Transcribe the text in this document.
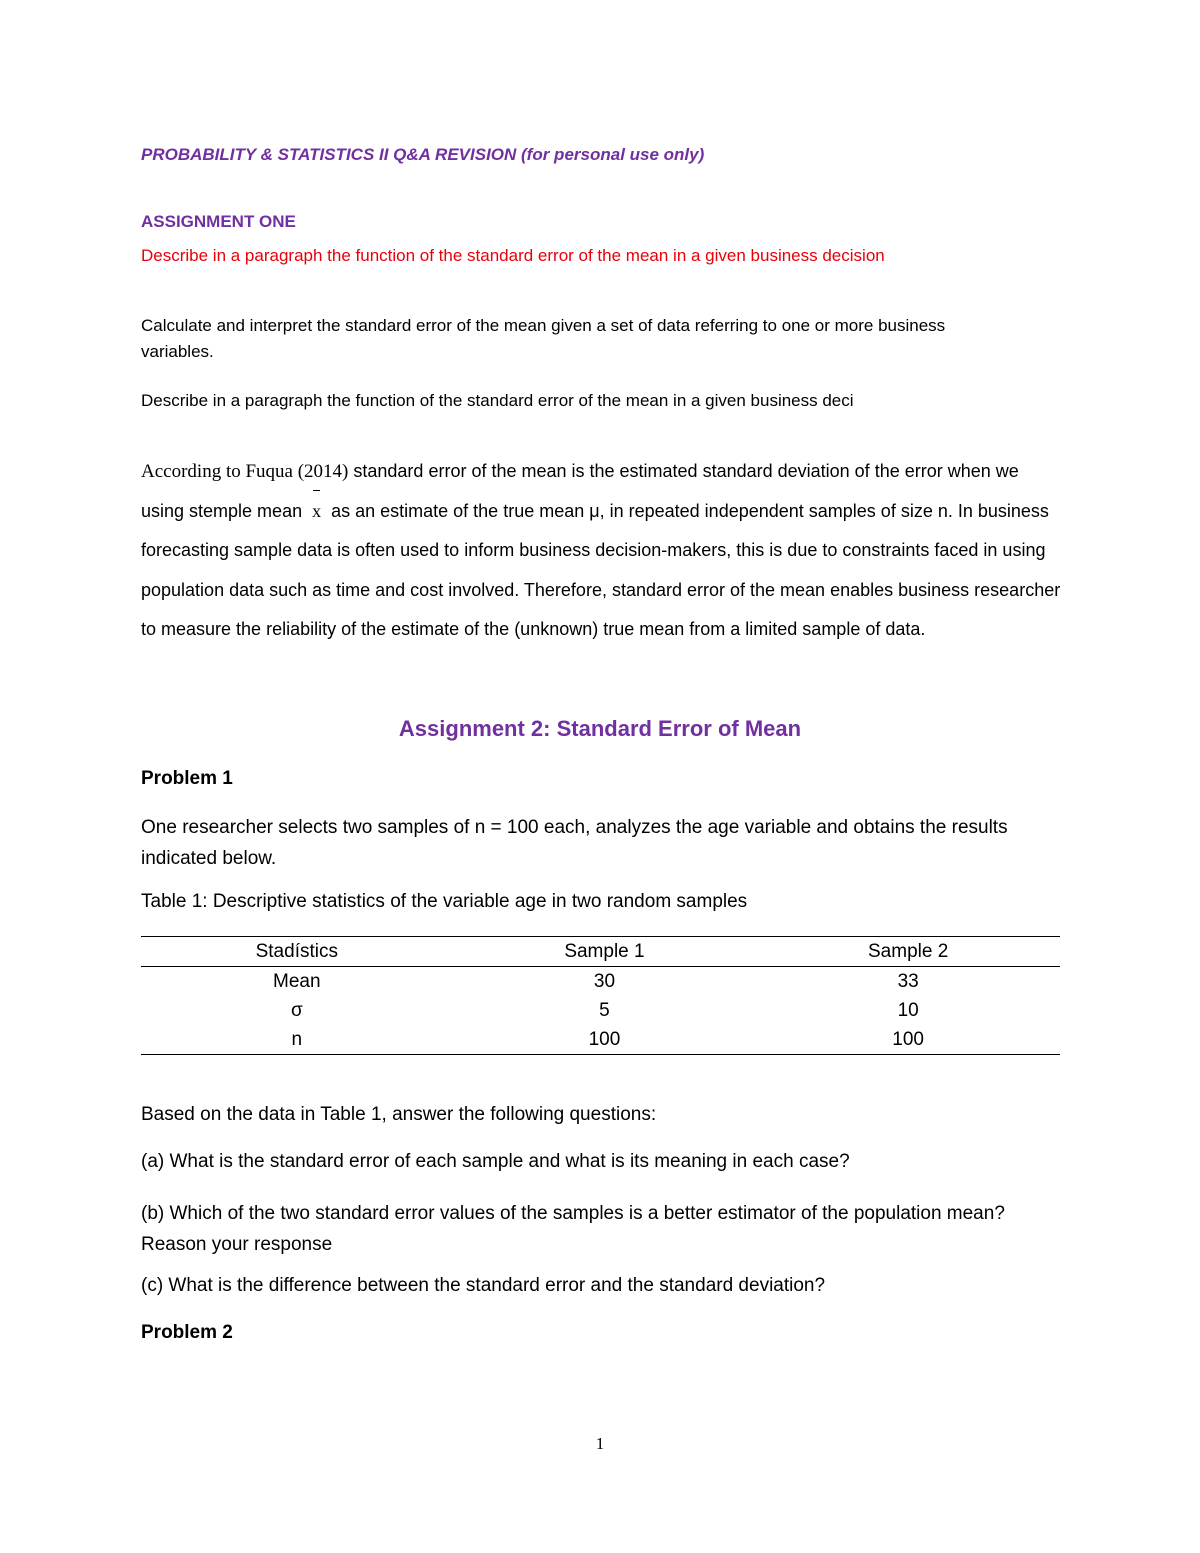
PROBABILITY & STATISTICS II Q&A REVISION (for personal use only)

ASSIGNMENT ONE

Describe in a paragraph the function of the standard error of the mean in a given business decision

Calculate and interpret the standard error of the mean given a set of data referring to one or more business variables.

Describe in a paragraph the function of the standard error of the mean in a given business deci

According to Fuqua (2014) standard error of the mean is the estimated standard deviation of the error when we using stemple mean x as an estimate of the true mean μ, in repeated independent samples of size n. In business forecasting sample data is often used to inform business decision-makers, this is due to constraints faced in using population data such as time and cost involved. Therefore, standard error of the mean enables business researcher to measure the reliability of the estimate of the (unknown) true mean from a limited sample of data.

Assignment 2: Standard Error of Mean

Problem 1

One researcher selects two samples of n = 100 each, analyzes the age variable and obtains the results indicated below.

Table 1: Descriptive statistics of the variable age in two random samples

Stadístics	Sample 1	Sample 2
Mean	30	33
σ	5	10
n	100	100

Based on the data in Table 1, answer the following questions:

(a) What is the standard error of each sample and what is its meaning in each case?

(b) Which of the two standard error values of the samples is a better estimator of the population mean? Reason your response

(c) What is the difference between the standard error and the standard deviation?

Problem 2

1
